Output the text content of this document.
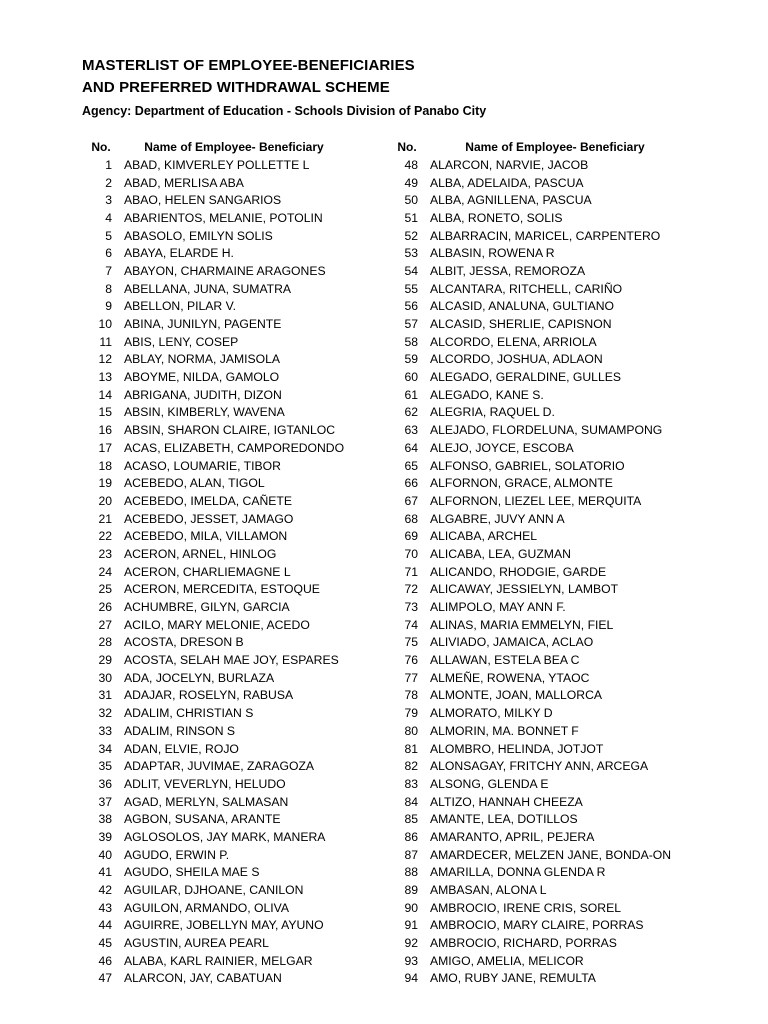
MASTERLIST OF EMPLOYEE-BENEFICIARIES
AND PREFERRED WITHDRAWAL SCHEME
Agency: Department of Education - Schools Division of Panabo City
No.	Name of Employee- Beneficiary
1 ABAD, KIMVERLEY POLLETTE L
2 ABAD, MERLISA ABA
3 ABAO, HELEN SANGARIOS
4 ABARIENTOS, MELANIE, POTOLIN
5 ABASOLO, EMILYN SOLIS
6 ABAYA, ELARDE H.
7 ABAYON, CHARMAINE ARAGONES
8 ABELLANA, JUNA, SUMATRA
9 ABELLON, PILAR V.
10 ABINA, JUNILYN, PAGENTE
11 ABIS, LENY, COSEP
12 ABLAY, NORMA, JAMISOLA
13 ABOYME, NILDA, GAMOLO
14 ABRIGANA, JUDITH, DIZON
15 ABSIN, KIMBERLY, WAVENA
16 ABSIN, SHARON CLAIRE, IGTANLOC
17 ACAS, ELIZABETH, CAMPOREDONDO
18 ACASO, LOUMARIE, TIBOR
19 ACEBEDO, ALAN, TIGOL
20 ACEBEDO, IMELDA, CAÑETE
21 ACEBEDO, JESSET, JAMAGO
22 ACEBEDO, MILA, VILLAMON
23 ACERON, ARNEL, HINLOG
24 ACERON, CHARLIEMAGNE L
25 ACERON, MERCEDITA, ESTOQUE
26 ACHUMBRE, GILYN, GARCIA
27 ACILO, MARY MELONIE, ACEDO
28 ACOSTA, DRESON B
29 ACOSTA, SELAH MAE JOY, ESPARES
30 ADA, JOCELYN, BURLAZA
31 ADAJAR, ROSELYN, RABUSA
32 ADALIM, CHRISTIAN S
33 ADALIM, RINSON S
34 ADAN, ELVIE, ROJO
35 ADAPTAR, JUVIMAE, ZARAGOZA
36 ADLIT, VEVERLYN, HELUDO
37 AGAD, MERLYN, SALMASAN
38 AGBON, SUSANA, ARANTE
39 AGLOSOLOS, JAY MARK, MANERA
40 AGUDO, ERWIN P.
41 AGUDO, SHEILA MAE S
42 AGUILAR, DJHOANE, CANILON
43 AGUILON, ARMANDO, OLIVA
44 AGUIRRE, JOBELLYN MAY, AYUNO
45 AGUSTIN, AUREA PEARL
46 ALABA, KARL RAINIER, MELGAR
47 ALARCON, JAY, CABATUAN
No.	Name of Employee- Beneficiary
48 ALARCON, NARVIE, JACOB
49 ALBA, ADELAIDA, PASCUA
50 ALBA, AGNILLENA, PASCUA
51 ALBA, RONETO, SOLIS
52 ALBARRACIN, MARICEL, CARPENTERO
53 ALBASIN, ROWENA R
54 ALBIT, JESSA, REMOROZA
55 ALCANTARA, RITCHELL, CARIÑO
56 ALCASID, ANALUNA, GULTIANO
57 ALCASID, SHERLIE, CAPISNON
58 ALCORDO, ELENA, ARRIOLA
59 ALCORDO, JOSHUA, ADLAON
60 ALEGADO, GERALDINE, GULLES
61 ALEGADO, KANE S.
62 ALEGRIA, RAQUEL D.
63 ALEJADO, FLORDELUNA, SUMAMPONG
64 ALEJO, JOYCE, ESCOBA
65 ALFONSO, GABRIEL, SOLATORIO
66 ALFORNON, GRACE, ALMONTE
67 ALFORNON, LIEZEL LEE, MERQUITA
68 ALGABRE, JUVY ANN A
69 ALICABA, ARCHEL
70 ALICABA, LEA, GUZMAN
71 ALICANDO, RHODGIE, GARDE
72 ALICAWAY, JESSIELYN, LAMBOT
73 ALIMPOLO, MAY ANN F.
74 ALINAS, MARIA EMMELYN, FIEL
75 ALIVIADO, JAMAICA, ACLAO
76 ALLAWAN, ESTELA BEA C
77 ALMEÑE, ROWENA, YTAOC
78 ALMONTE, JOAN, MALLORCA
79 ALMORATO, MILKY D
80 ALMORIN, MA. BONNET F
81 ALOMBRO, HELINDA, JOTJOT
82 ALONSAGAY, FRITCHY ANN, ARCEGA
83 ALSONG, GLENDA E
84 ALTIZO, HANNAH CHEEZA
85 AMANTE, LEA, DOTILLOS
86 AMARANTO, APRIL, PEJERA
87 AMARDECER, MELZEN JANE, BONDA-ON
88 AMARILLA, DONNA GLENDA R
89 AMBASAN, ALONA L
90 AMBROCIO, IRENE CRIS, SOREL
91 AMBROCIO, MARY CLAIRE, PORRAS
92 AMBROCIO, RICHARD, PORRAS
93 AMIGO, AMELIA, MELICOR
94 AMO, RUBY JANE, REMULTA
